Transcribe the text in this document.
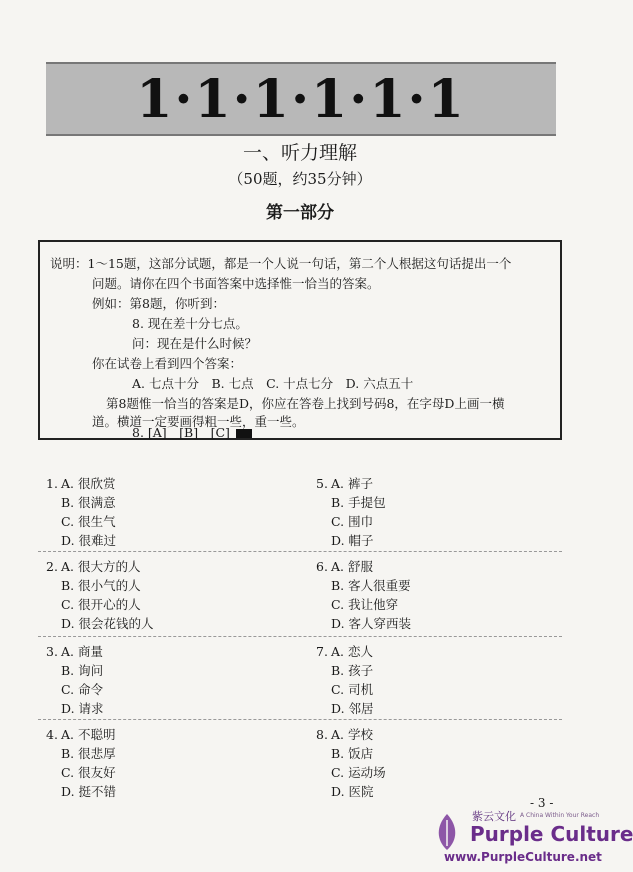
1·1·1·1·1·1
一、听力理解
（50题，约35分钟）
第一部分
说明：1～15题，这部分试题，都是一个人说一句话，第二个人根据这句话提出一个
问题。请你在四个书面答案中选择惟一恰当的答案。
例如：第8题，你听到：
8. 现在差十分七点。
问：现在是什么时候？
你在试卷上看到四个答案：
A. 七点十分　B. 七点　C. 十点七分　D. 六点五十
第8题惟一恰当的答案是D，你应在答卷上找到号码8，在字母D上画一横
道。横道一定要画得粗一些，重一些。
8. [A]　[B]　[C]
1. A. 很欣赏
B. 很满意
C. 很生气
D. 很难过
2. A. 很大方的人
B. 很小气的人
C. 很开心的人
D. 很会花钱的人
3. A. 商量
B. 询问
C. 命令
D. 请求
4. A. 不聪明
B. 很悲厚
C. 很友好
D. 挺不错
5. A. 裤子
B. 手提包
C. 围巾
D. 帽子
6. A. 舒服
B. 客人很重要
C. 我让他穿
D. 客人穿西装
7. A. 恋人
B. 孩子
C. 司机
D. 邻居
8. A. 学校
B. 饭店
C. 运动场
D. 医院
- 3 -
紫云文化 A China Within Your Reach
Purple Culture
www.PurpleCulture.net
